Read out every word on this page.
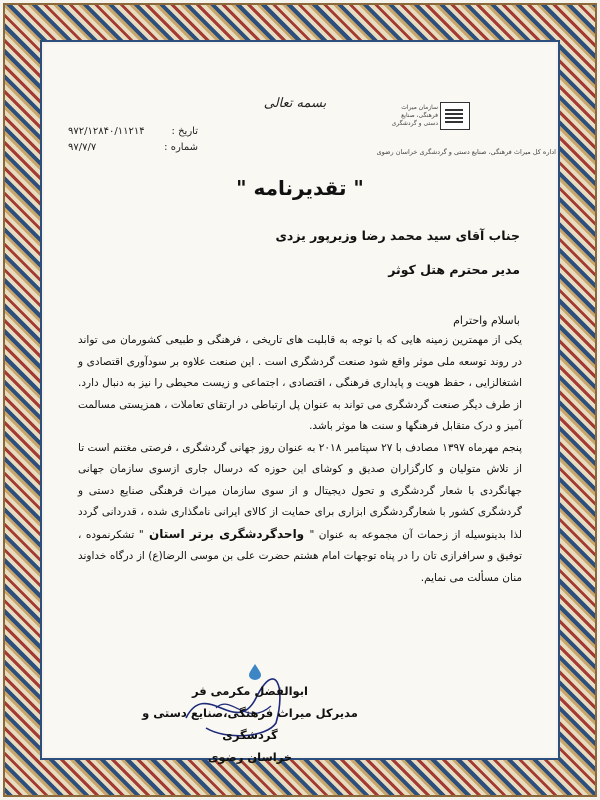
بسمه تعالی	سازمان میراث
فرهنگی، صنایع
دستی و گردشگری
اداره کل میراث فرهنگی، صنایع دستی و گردشگری خراسان رضوی
تاریخ :
۹۷۲/۱۲۸۴۰/۱۱۲۱۴
شماره :
۹۷/۷/۷
" تقدیرنامه "
جناب آقای سید محمد رضا وزیرپور یزدی
مدیر محترم هتل کوثر
باسلام واحترام

یکی از مهمترین زمینه هایی که با توجه به قابلیت های تاریخی ، فرهنگی و طبیعی کشورمان می تواند در روند توسعه ملی موثر واقع شود صنعت گردشگری است . این صنعت علاوه بر سودآوری اقتصادی و اشتغالزایی ، حفظ هویت و پایداری فرهنگی ، اقتصادی ، اجتماعی و زیست محیطی را نیز به دنبال دارد. از طرف دیگر صنعت گردشگری می تواند به عنوان پل ارتباطی در ارتقای تعاملات ، همزیستی مسالمت آمیز و درک متقابل فرهنگها و سنت ها موثر باشد.

پنجم مهرماه ۱۳۹۷ مصادف با ۲۷ سپتامبر ۲۰۱۸ به عنوان روز جهانی گردشگری ، فرصتی مغتنم است تا از تلاش متولیان و کارگزاران صدیق و کوشای این حوزه که درسال جاری ازسوی سازمان جهانی جهانگردی با شعار گردشگری و تحول دیجیتال و از سوی سازمان میراث فرهنگی صنایع دستی و گردشگری کشور با شعارگردشگری ابزاری برای حمایت از کالای ایرانی نامگذاری شده ، قدردانی گردد لذا بدینوسیله از زحمات آن مجموعه به عنوان " واحدگردشگری برتر استان " تشکرنموده ، توفیق و سرافرازی تان را در پناه توجهات امام هشتم حضرت علی بن موسی الرضا(ع) از درگاه خداوند منان مسألت می نمایم.

ابوالفضل مکرمی فر
مدیرکل میراث فرهنگی،صنایع دستی و گردشگری
خراسان رضوی
